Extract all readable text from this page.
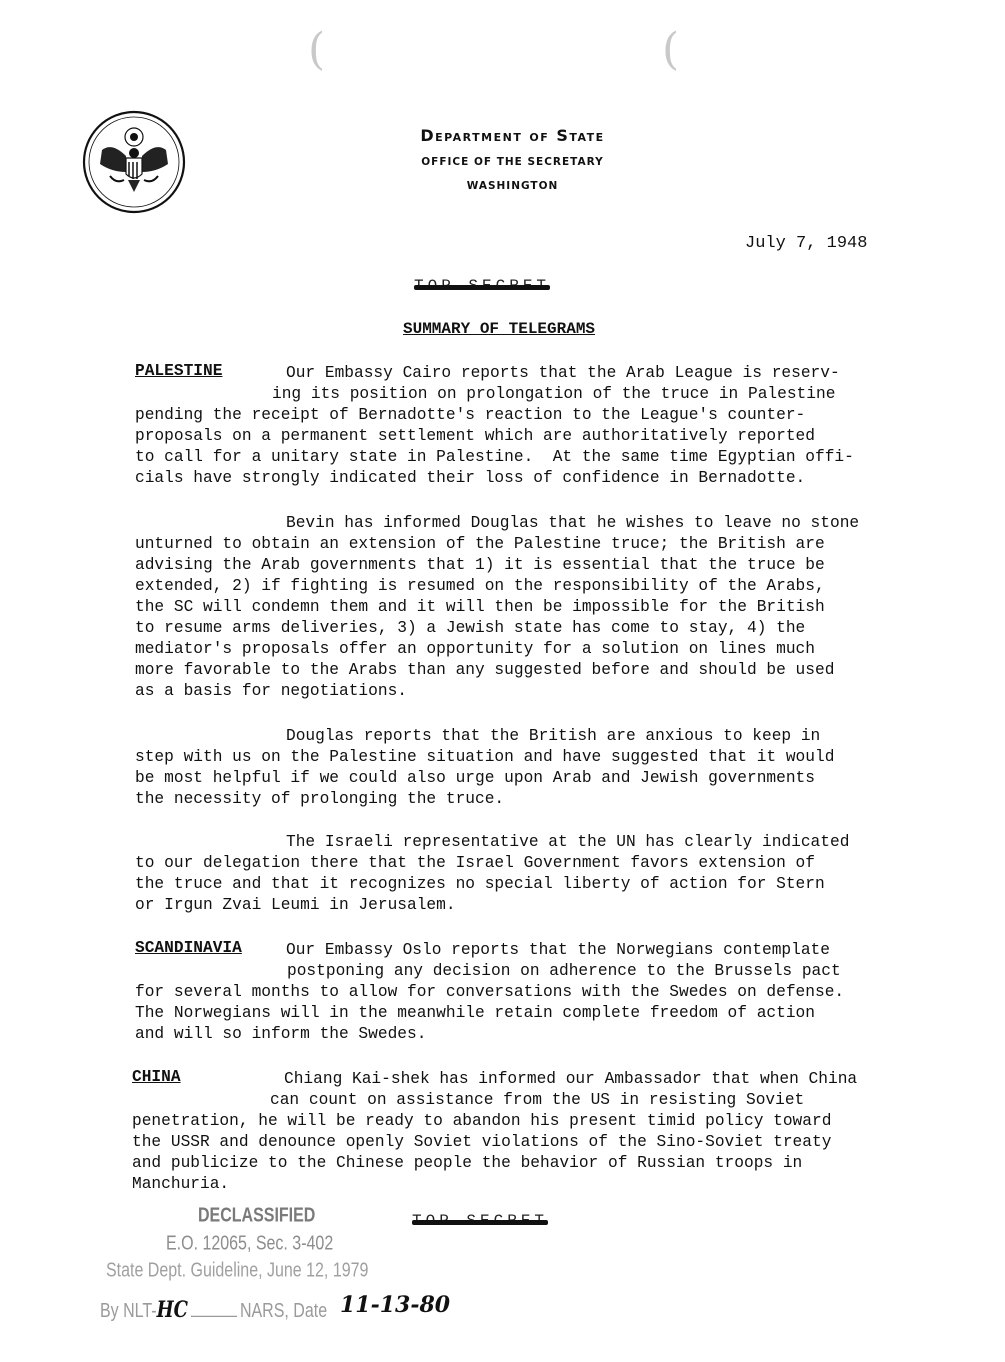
(	(
Department of State
OFFICE OF THE SECRETARY
WASHINGTON
July 7, 1948
SUMMARY OF TELEGRAMS
PALESTINE	Our Embassy Cairo reports that the Arab League is reserv-
ing its position on prolongation of the truce in Palestine
pending the receipt of Bernadotte's reaction to the League's counter-
proposals on a permanent settlement which are authoritatively reported
to call for a unitary state in Palestine.  At the same time Egyptian offi-
cials have strongly indicated their loss of confidence in Bernadotte.
Bevin has informed Douglas that he wishes to leave no stone
unturned to obtain an extension of the Palestine truce; the British are
advising the Arab governments that 1) it is essential that the truce be
extended, 2) if fighting is resumed on the responsibility of the Arabs,
the SC will condemn them and it will then be impossible for the British
to resume arms deliveries, 3) a Jewish state has come to stay, 4) the
mediator's proposals offer an opportunity for a solution on lines much
more favorable to the Arabs than any suggested before and should be used
as a basis for negotiations.
Douglas reports that the British are anxious to keep in
step with us on the Palestine situation and have suggested that it would
be most helpful if we could also urge upon Arab and Jewish governments
the necessity of prolonging the truce.
The Israeli representative at the UN has clearly indicated
to our delegation there that the Israel Government favors extension of
the truce and that it recognizes no special liberty of action for Stern
or Irgun Zvai Leumi in Jerusalem.
SCANDINAVIA	Our Embassy Oslo reports that the Norwegians contemplate
postponing any decision on adherence to the Brussels pact
for several months to allow for conversations with the Swedes on defense.
The Norwegians will in the meanwhile retain complete freedom of action
and will so inform the Swedes.
CHINA	Chiang Kai-shek has informed our Ambassador that when China
can count on assistance from the US in resisting Soviet
penetration, he will be ready to abandon his present timid policy toward
the USSR and denounce openly Soviet violations of the Sino-Soviet treaty
and publicize to the Chinese people the behavior of Russian troops in
Manchuria.
DECLASSIFIED
E.O. 12065, Sec. 3-402
State Dept. Guideline, June 12, 1979
By NLT-HC	NARS, Date 11-13-80
